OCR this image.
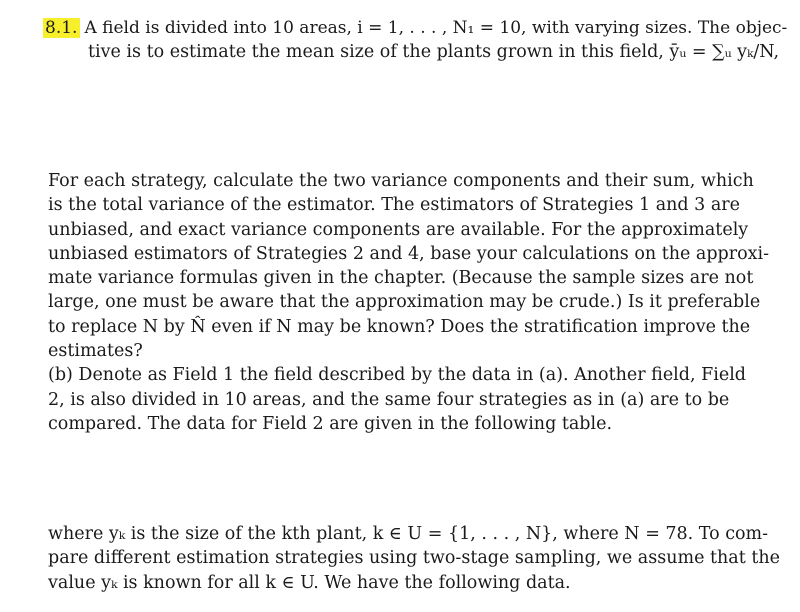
8.1. A field is divided into 10 areas, i = 1, . . . , N₁ = 10, with varying sizes. The objec-
tive is to estimate the mean size of the plants grown in this field, ȳᵤ = ∑ᵤ yₖ/N,
For each strategy, calculate the two variance components and their sum, which
is the total variance of the estimator. The estimators of Strategies 1 and 3 are
unbiased, and exact variance components are available. For the approximately
unbiased estimators of Strategies 2 and 4, base your calculations on the approxi-
mate variance formulas given in the chapter. (Because the sample sizes are not
large, one must be aware that the approximation may be crude.) Is it preferable
to replace N by N̂ even if N may be known? Does the stratification improve the
estimates?
(b) Denote as Field 1 the field described by the data in (a). Another field, Field
2, is also divided in 10 areas, and the same four strategies as in (a) are to be
compared. The data for Field 2 are given in the following table.
where yₖ is the size of the kth plant, k ∈ U = {1, . . . , N}, where N = 78. To com-
pare different estimation strategies using two-stage sampling, we assume that the
value yₖ is known for all k ∈ U. We have the following data.
